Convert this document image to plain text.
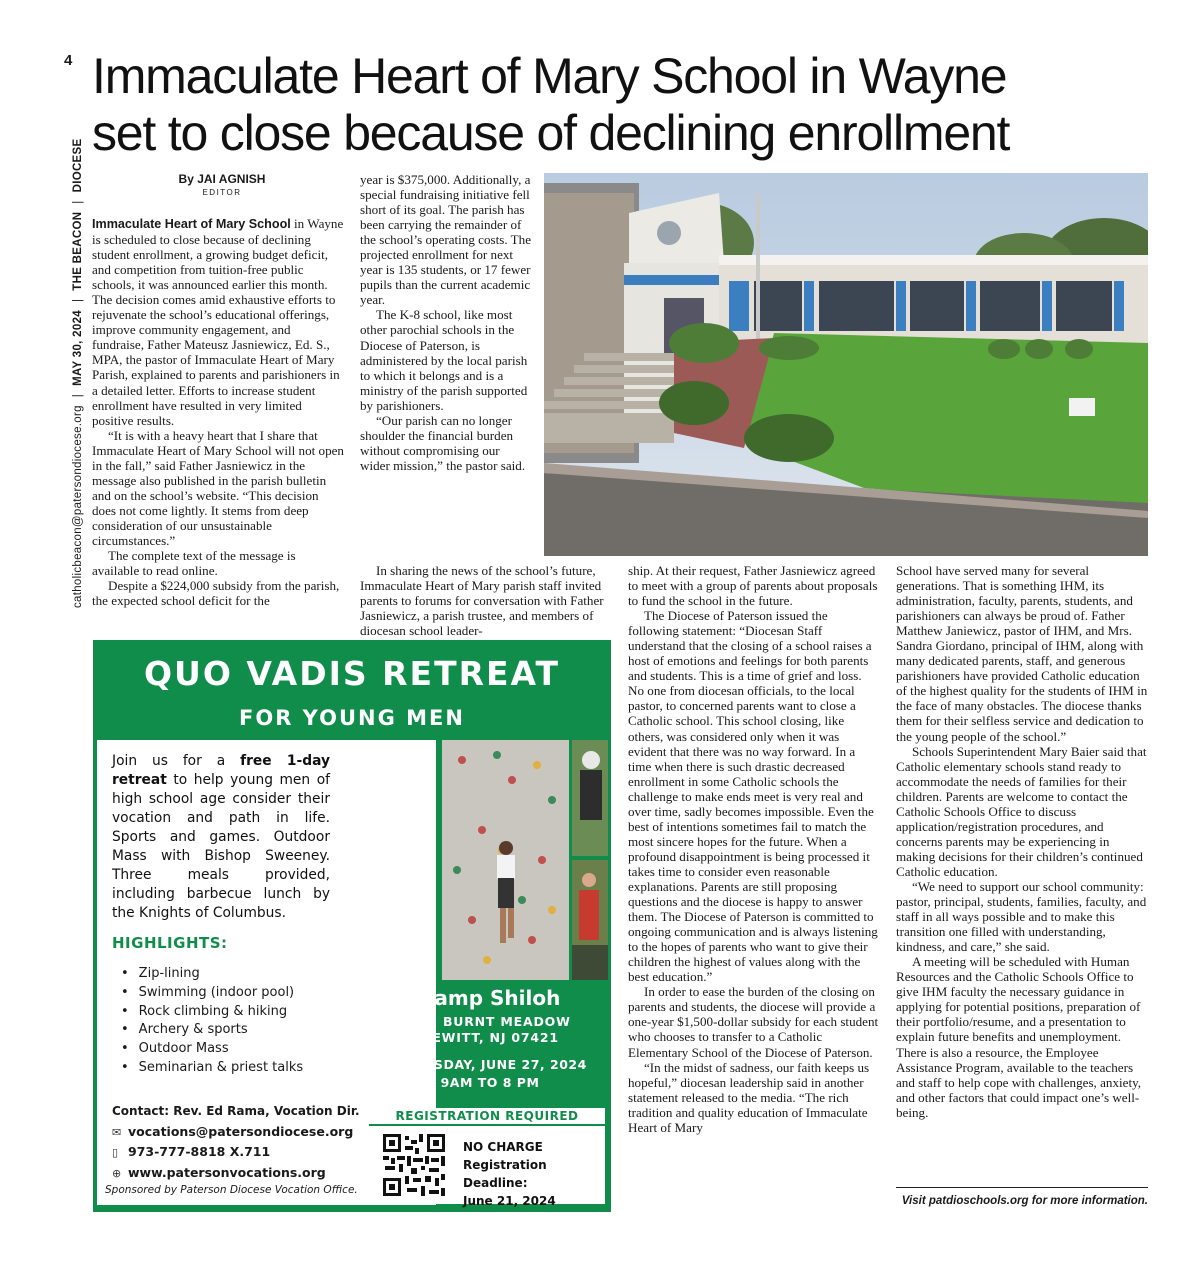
4
catholicbeacon@patersondiocese.org|MAY 30, 2024|THE BEACON|DIOCESE
Immaculate Heart of Mary School in Wayne
set to close because of declining enrollment
By JAI AGNISH
EDITOR

Immaculate Heart of Mary School in Wayne is scheduled to close because of declining student enrollment, a growing budget deficit, and competition from tuition-free public schools, it was announced earlier this month. The decision comes amid exhaustive efforts to rejuvenate the school’s educational offerings, improve community engagement, and fundraise, Father Mateusz Jasniewicz, Ed. S., MPA, the pastor of Immaculate Heart of Mary Parish, explained to parents and parishioners in a detailed letter. Efforts to increase student enrollment have resulted in very limited positive results.

“It is with a heavy heart that I share that Immaculate Heart of Mary School will not open in the fall,” said Father Jasniewicz in the message also published in the parish bulletin and on the school’s website. “This decision does not come lightly. It stems from deep consideration of our unsustainable circumstances.”

The complete text of the message is available to read online.

Despite a $224,000 subsidy from the parish, the expected school deficit for the

year is $375,000. Additionally, a special fundraising initiative fell short of its goal. The parish has been carrying the remainder of the school’s operating costs. The projected enrollment for next year is 135 students, or 17 fewer pupils than the current academic year.

The K-8 school, like most other parochial schools in the Diocese of Paterson, is administered by the local parish to which it belongs and is a ministry of the parish supported by parishioners.

“Our parish can no longer shoulder the financial burden without compromising our wider mission,” the pastor said.

In sharing the news of the school’s future, Immaculate Heart of Mary parish staff invited parents to forums for conversation with Father Jasniewicz, a parish trustee, and members of diocesan school leader-

ship. At their request, Father Jasniewicz agreed to meet with a group of parents about proposals to fund the school in the future.

The Diocese of Paterson issued the following statement: “Diocesan Staff understand that the closing of a school raises a host of emotions and feelings for both parents and students. This is a time of grief and loss. No one from diocesan officials, to the local pastor, to concerned parents want to close a Catholic school. This school closing, like others, was considered only when it was evident that there was no way forward. In a time when there is such drastic decreased enrollment in some Catholic schools the challenge to make ends meet is very real and over time, sadly becomes impossible. Even the best of intentions sometimes fail to match the most sincere hopes for the future. When a profound disappointment is being processed it takes time to consider even reasonable explanations. Parents are still proposing questions and the diocese is happy to answer them. The Diocese of Paterson is committed to ongoing communication and is always listening to the hopes of parents who want to give their children the highest of values along with the best education.”

In order to ease the burden of the closing on parents and students, the diocese will provide a one-year $1,500-dollar subsidy for each student who chooses to transfer to a Catholic Elementary School of the Diocese of Paterson.

“In the midst of sadness, our faith keeps us hopeful,” diocesan leadership said in another statement released to the media. “The rich tradition and quality education of Immaculate Heart of Mary

School have served many for several generations. That is something IHM, its administration, faculty, parents, students, and parishioners can always be proud of. Father Matthew Janiewicz, pastor of IHM, and Mrs. Sandra Giordano, principal of IHM, along with many dedicated parents, staff, and generous parishioners have provided Catholic education of the highest quality for the students of IHM in the face of many obstacles. The diocese thanks them for their selfless service and dedication to the young people of the school.”

Schools Superintendent Mary Baier said that Catholic elementary schools stand ready to accommodate the needs of families for their children. Parents are welcome to contact the Catholic Schools Office to discuss application/registration procedures, and concerns parents may be experiencing in making decisions for their children’s continued Catholic education.

“We need to support our school community: pastor, principal, students, families, faculty, and staff in all ways possible and to make this transition one filled with understanding, kindness, and care,” she said.

A meeting will be scheduled with Human Resources and the Catholic Schools Office to give IHM faculty the necessary guidance in applying for potential positions, preparation of their portfolio/resume, and a presentation to explain future benefits and unemployment. There is also a resource, the Employee Assistance Program, available to the teachers and staff to help cope with challenges, anxiety, and other factors that could impact one’s well-being.

Visit patdioschools.org for more information.
QUO VADIS RETREAT
FOR YOUNG MEN
Join us for a free 1-day retreat to help young men of high school age consider their vocation and path in life. Sports and games. Outdoor Mass with Bishop Sweeney. Three meals provided, including barbecue lunch by the Knights of Columbus.
HIGHLIGHTS:
• Zip-lining
• Swimming (indoor pool)
• Rock climbing & hiking
• Archery & sports
• Outdoor Mass
• Seminarian & priest talks
Contact: Rev. Ed Rama, Vocation Dir.
✉ vocations@patersondiocese.org
▯ 973-777-8818 X.711
⊕ www.patersonvocations.org
Sponsored by Paterson Diocese Vocation Office.
Camp Shiloh
753 BURNT MEADOW
HEWITT, NJ 07421
THURSDAY, JUNE 27, 2024
9AM TO 8 PM
REGISTRATION REQUIRED
NO CHARGE
Registration Deadline:
June 21, 2024
